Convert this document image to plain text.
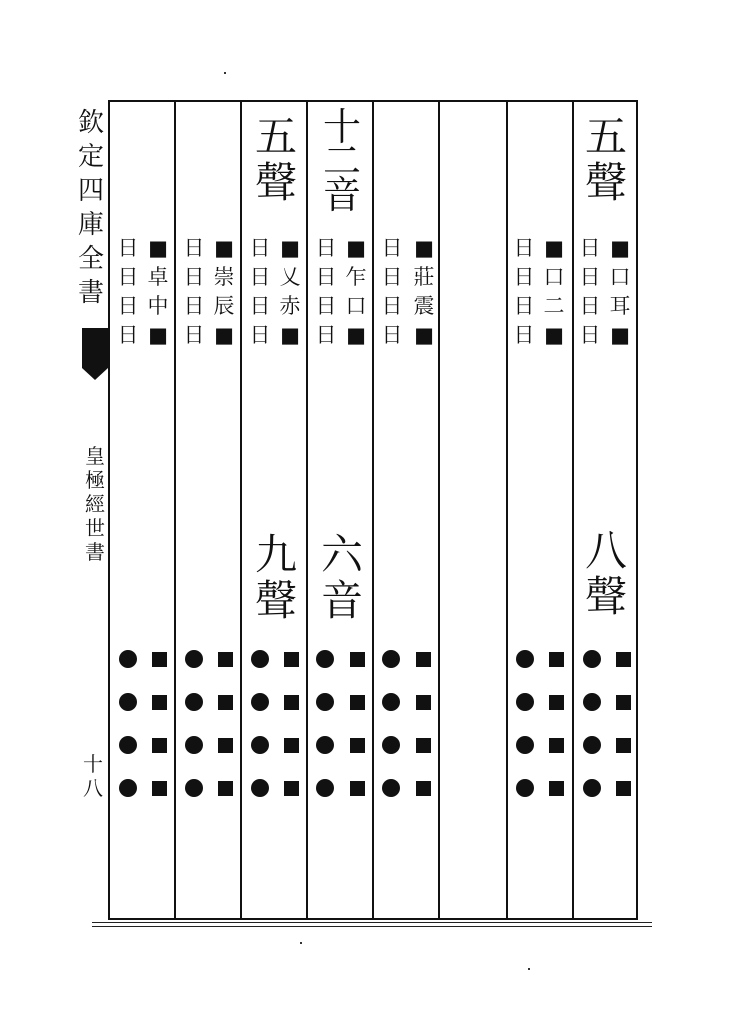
欽
定
四
庫
全
書
皇
極
經
世
書
十
八
五
聲
八
聲
十
二
音
六
音
五
聲
九
聲
■
口
耳
■
日
日
日
日
■
口
二
■
日
日
日
日
■
莊
震
■
日
日
日
日
■
乍
口
■
日
日
日
日
■
乂
赤
■
日
日
日
日
■
崇
辰
■
日
日
日
日
■
卓
中
■
日
日
日
日
